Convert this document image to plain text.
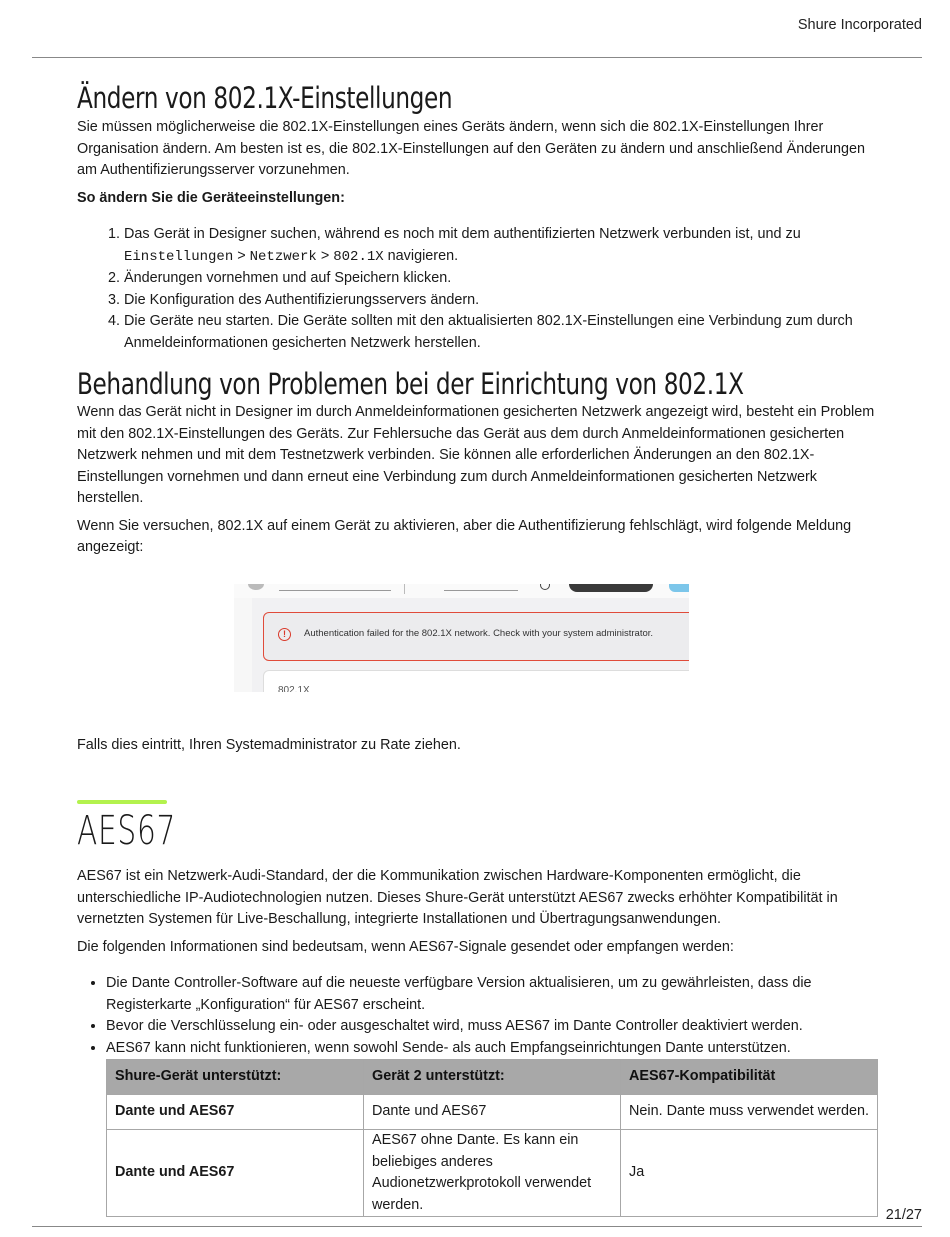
Shure Incorporated
Ändern von 802.1X-Einstellungen

Sie müssen möglicherweise die 802.1X-Einstellungen eines Geräts ändern, wenn sich die 802.1X-Einstellungen Ihrer Organisation ändern. Am besten ist es, die 802.1X-Einstellungen auf den Geräten zu ändern und anschließend Änderungen am Authentifizierungsserver vorzunehmen.

So ändern Sie die Geräteeinstellungen:

1. Das Gerät in Designer suchen, während es noch mit dem authentifizierten Netzwerk verbunden ist, und zu Einstellungen > Netzwerk > 802.1X navigieren.
2. Änderungen vornehmen und auf Speichern klicken.
3. Die Konfiguration des Authentifizierungsservers ändern.
4. Die Geräte neu starten. Die Geräte sollten mit den aktualisierten 802.1X-Einstellungen eine Verbindung zum durch Anmeldeinformationen gesicherten Netzwerk herstellen.
Behandlung von Problemen bei der Einrichtung von 802.1X

Wenn das Gerät nicht in Designer im durch Anmeldeinformationen gesicherten Netzwerk angezeigt wird, besteht ein Problem mit den 802.1X-Einstellungen des Geräts. Zur Fehlersuche das Gerät aus dem durch Anmeldeinformationen gesicherten Netzwerk nehmen und mit dem Testnetzwerk verbinden. Sie können alle erforderlichen Änderungen an den 802.1X-Einstellungen vornehmen und dann erneut eine Verbindung zum durch Anmeldeinformationen gesicherten Netzwerk herstellen.

Wenn Sie versuchen, 802.1X auf einem Gerät zu aktivieren, aber die Authentifizierung fehlschlägt, wird folgende Meldung angezeigt:

!	Authentication failed for the 802.1X network. Check with your system administrator.
802.1X

Falls dies eintritt, Ihren Systemadministrator zu Rate ziehen.

AES67

AES67 ist ein Netzwerk-Audi-Standard, der die Kommunikation zwischen Hardware-Komponenten ermöglicht, die unterschiedliche IP-Audiotechnologien nutzen. Dieses Shure-Gerät unterstützt AES67 zwecks erhöhter Kompatibilität in vernetzten Systemen für Live-Beschallung, integrierte Installationen und Übertragungsanwendungen.

Die folgenden Informationen sind bedeutsam, wenn AES67-Signale gesendet oder empfangen werden:

• Die Dante Controller-Software auf die neueste verfügbare Version aktualisieren, um zu gewährleisten, dass die Registerkarte „Konfiguration“ für AES67 erscheint.
• Bevor die Verschlüsselung ein- oder ausgeschaltet wird, muss AES67 im Dante Controller deaktiviert werden.
• AES67 kann nicht funktionieren, wenn sowohl Sende- als auch Empfangseinrichtungen Dante unterstützen.
Shure-Gerät unterstützt:	Gerät 2 unterstützt:	AES67-Kompatibilität
Dante und AES67	Dante und AES67	Nein. Dante muss verwendet werden.
Dante und AES67	AES67 ohne Dante. Es kann ein beliebiges anderes Audionetzwerkprotokoll verwendet werden.	Ja
21/27
